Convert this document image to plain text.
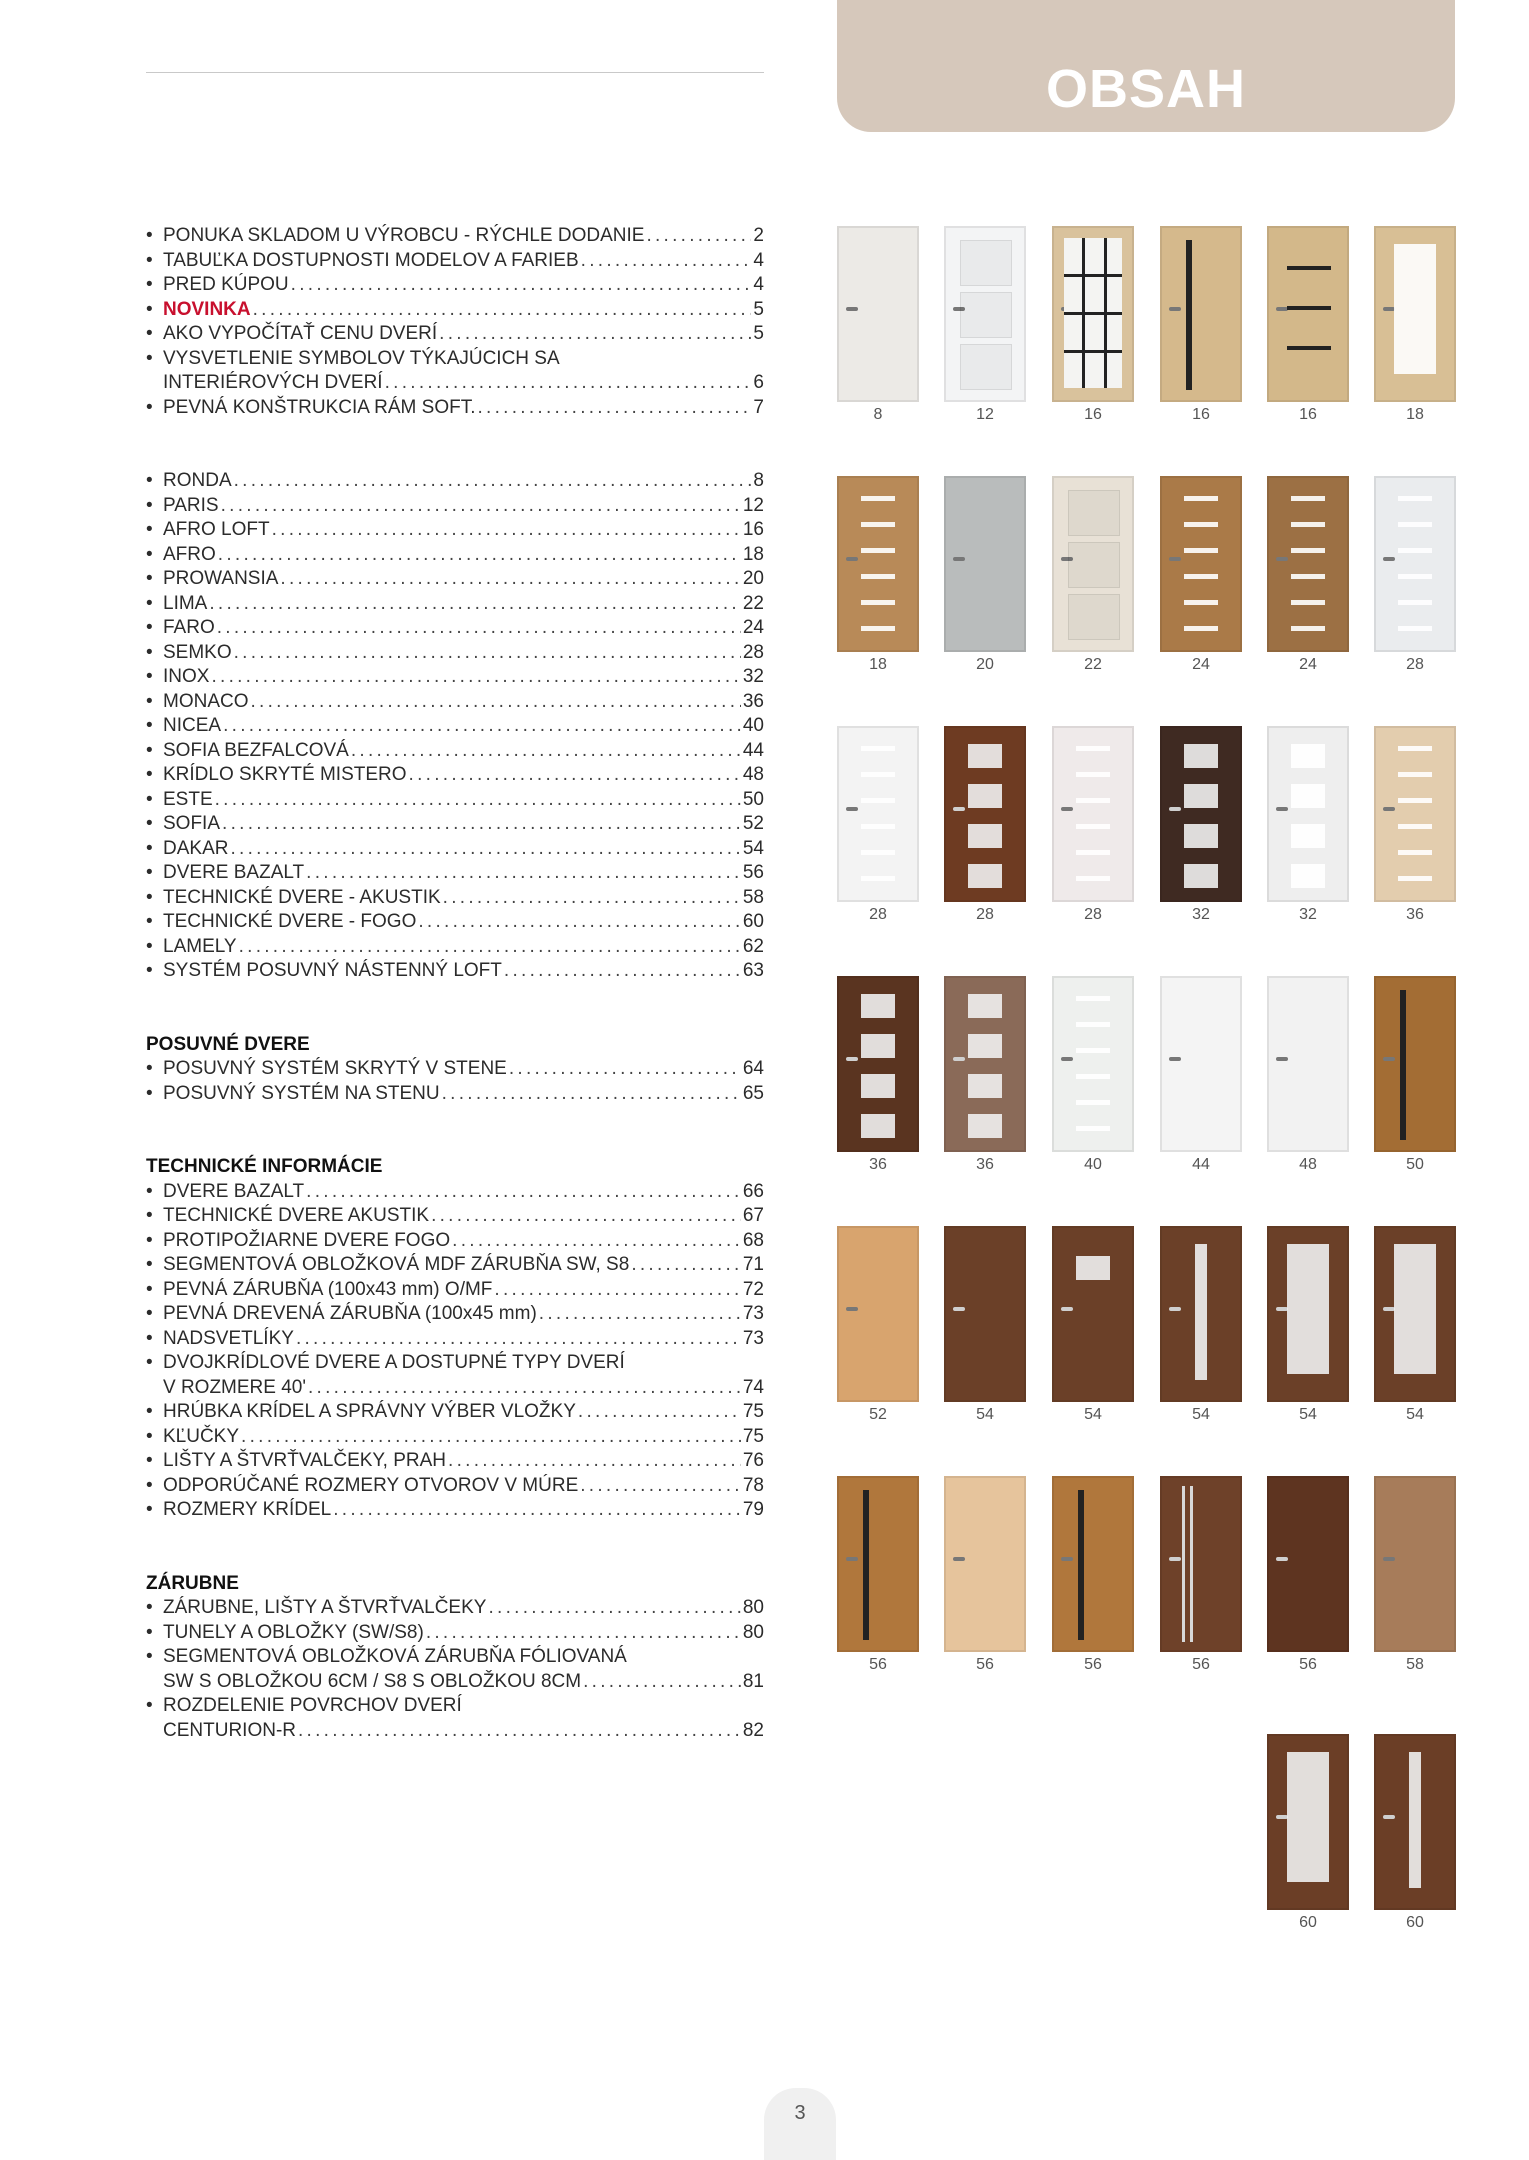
OBSAH
• PONUKA SKLADOM U VÝROBCU - RÝCHLE DODANIE . . .	2
• TABUĽKA DOSTUPNOSTI MODELOV A FARIEB . . .	4
• PRED KÚPOU . . .	4
• NOVINKA . . .	5
• AKO VYPOČÍTAŤ CENU DVERÍ . . .	5
• VYSVETLENIE SYMBOLOV TÝKAJÚCICH SA
INTERIÉROVÝCH DVERÍ . . .	6
• PEVNÁ KONŠTRUKCIA RÁM SOFT. . . .	7
• RONDA . . .	8
• PARIS . . .	12
• AFRO LOFT . . .	16
• AFRO . . .	18
• PROWANSIA . . .	20
• LIMA . . .	22
• FARO . . .	24
• SEMKO . . .	28
• INOX . . .	32
• MONACO . . .	36
• NICEA . . .	40
• SOFIA BEZFALCOVÁ . . .	44
• KRÍDLO SKRYTÉ MISTERO . . .	48
• ESTE . . .	50
• SOFIA . . .	52
• DAKAR . . .	54
• DVERE BAZALT . . .	56
• TECHNICKÉ DVERE - AKUSTIK . . .	58
• TECHNICKÉ DVERE - FOGO . . .	60
• LAMELY . . .	62
• SYSTÉM POSUVNÝ NÁSTENNÝ LOFT . . .	63
POSUVNÉ DVERE
• POSUVNÝ SYSTÉM SKRYTÝ V STENE . . .	64
• POSUVNÝ SYSTÉM NA STENU . . .	65
TECHNICKÉ INFORMÁCIE
• DVERE BAZALT . . .	66
• TECHNICKÉ DVERE AKUSTIK . . .	67
• PROTIPOŽIARNE DVERE FOGO . . .	68
• SEGMENTOVÁ OBLOŽKOVÁ MDF ZÁRUBŇA SW, S8 . . .	71
• PEVNÁ ZÁRUBŇA (100x43 mm) O/MF . . .	72
• PEVNÁ DREVENÁ ZÁRUBŇA (100x45 mm) . . .	73
• NADSVETLÍKY . . .	73
• DVOJKRÍDLOVÉ DVERE A DOSTUPNÉ TYPY DVERÍ
V ROZMERE 40' . . .	74
• HRÚBKA KRÍDEL A SPRÁVNY VÝBER VLOŽKY . . .	75
• KĽUČKY . . .	75
• LIŠTY A ŠTVRŤVALČEKY, PRAH . . .	76
• ODPORÚČANÉ ROZMERY OTVOROV V MÚRE . . .	78
• ROZMERY KRÍDEL . . .	79
ZÁRUBNE
• ZÁRUBNE, LIŠTY A ŠTVRŤVALČEKY . . .	80
• TUNELY A OBLOŽKY (SW/S8) . . .	80
• SEGMENTOVÁ OBLOŽKOVÁ ZÁRUBŇA FÓLIOVANÁ
SW S OBLOŽKOU 6CM / S8 S OBLOŽKOU 8CM . . .	81
• ROZDELENIE POVRCHOV DVERÍ
CENTURION-R . . .	82
8	12	16	16	16	18
18	20	22	24	24	28
28	28	28	32	32	36
36	36	40	44	48	50
52	54	54	54	54	54
56	56	56	56	56	58
60	60
3
